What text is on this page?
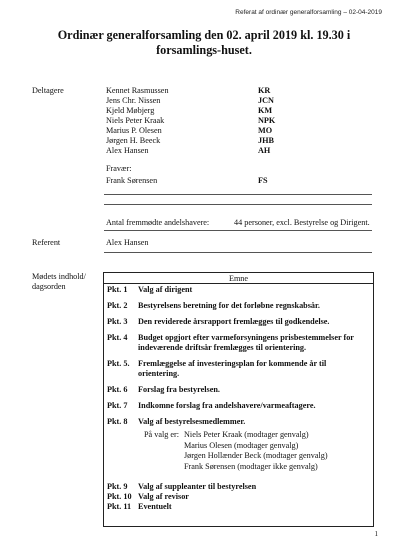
Referat af ordinær generalforsamling – 02-04-2019
Ordinær generalforsamling den 02. april 2019 kl. 19.30 i forsamlings-huset.
Deltagere	Kennet Rasmussen	KR
Jens Chr. Nissen	JCN
Kjeld Møbjerg	KM
Niels Peter Kraak	NPK
Marius P. Olesen	MO
Jørgen H. Beeck	JHB
Alex Hansen	AH
Fravær:
Frank Sørensen	FS
Antal fremmødte andelshavere:	44 personer, excl. Bestyrelse og Dirigent.
Referent	Alex Hansen
Mødets indhold/
dagsorden
Emne
Pkt. 1	Valg af dirigent
Pkt. 2	Bestyrelsens beretning for det forløbne regnskabsår.
Pkt. 3	Den reviderede årsrapport fremlægges til godkendelse.
Pkt. 4	Budget opgjort efter varmeforsyningens prisbestemmelser for indeværende driftsår fremlægges til orientering.
Pkt. 5.	Fremlæggelse af investeringsplan for kommende år til orientering.
Pkt. 6	Forslag fra bestyrelsen.
Pkt. 7	Indkomne forslag fra andelshavere/varmeaftagere.
Pkt. 8	Valg af bestyrelsesmedlemmer.
På valg er: Niels Peter Kraak (modtager genvalg)
Marius Olesen (modtager genvalg)
Jørgen Hollænder Beck (modtager genvalg)
Frank Sørensen (modtager ikke genvalg)
Pkt. 9	Valg af suppleanter til bestyrelsen
Pkt. 10 Valg af revisor
Pkt. 11 Eventuelt
1
